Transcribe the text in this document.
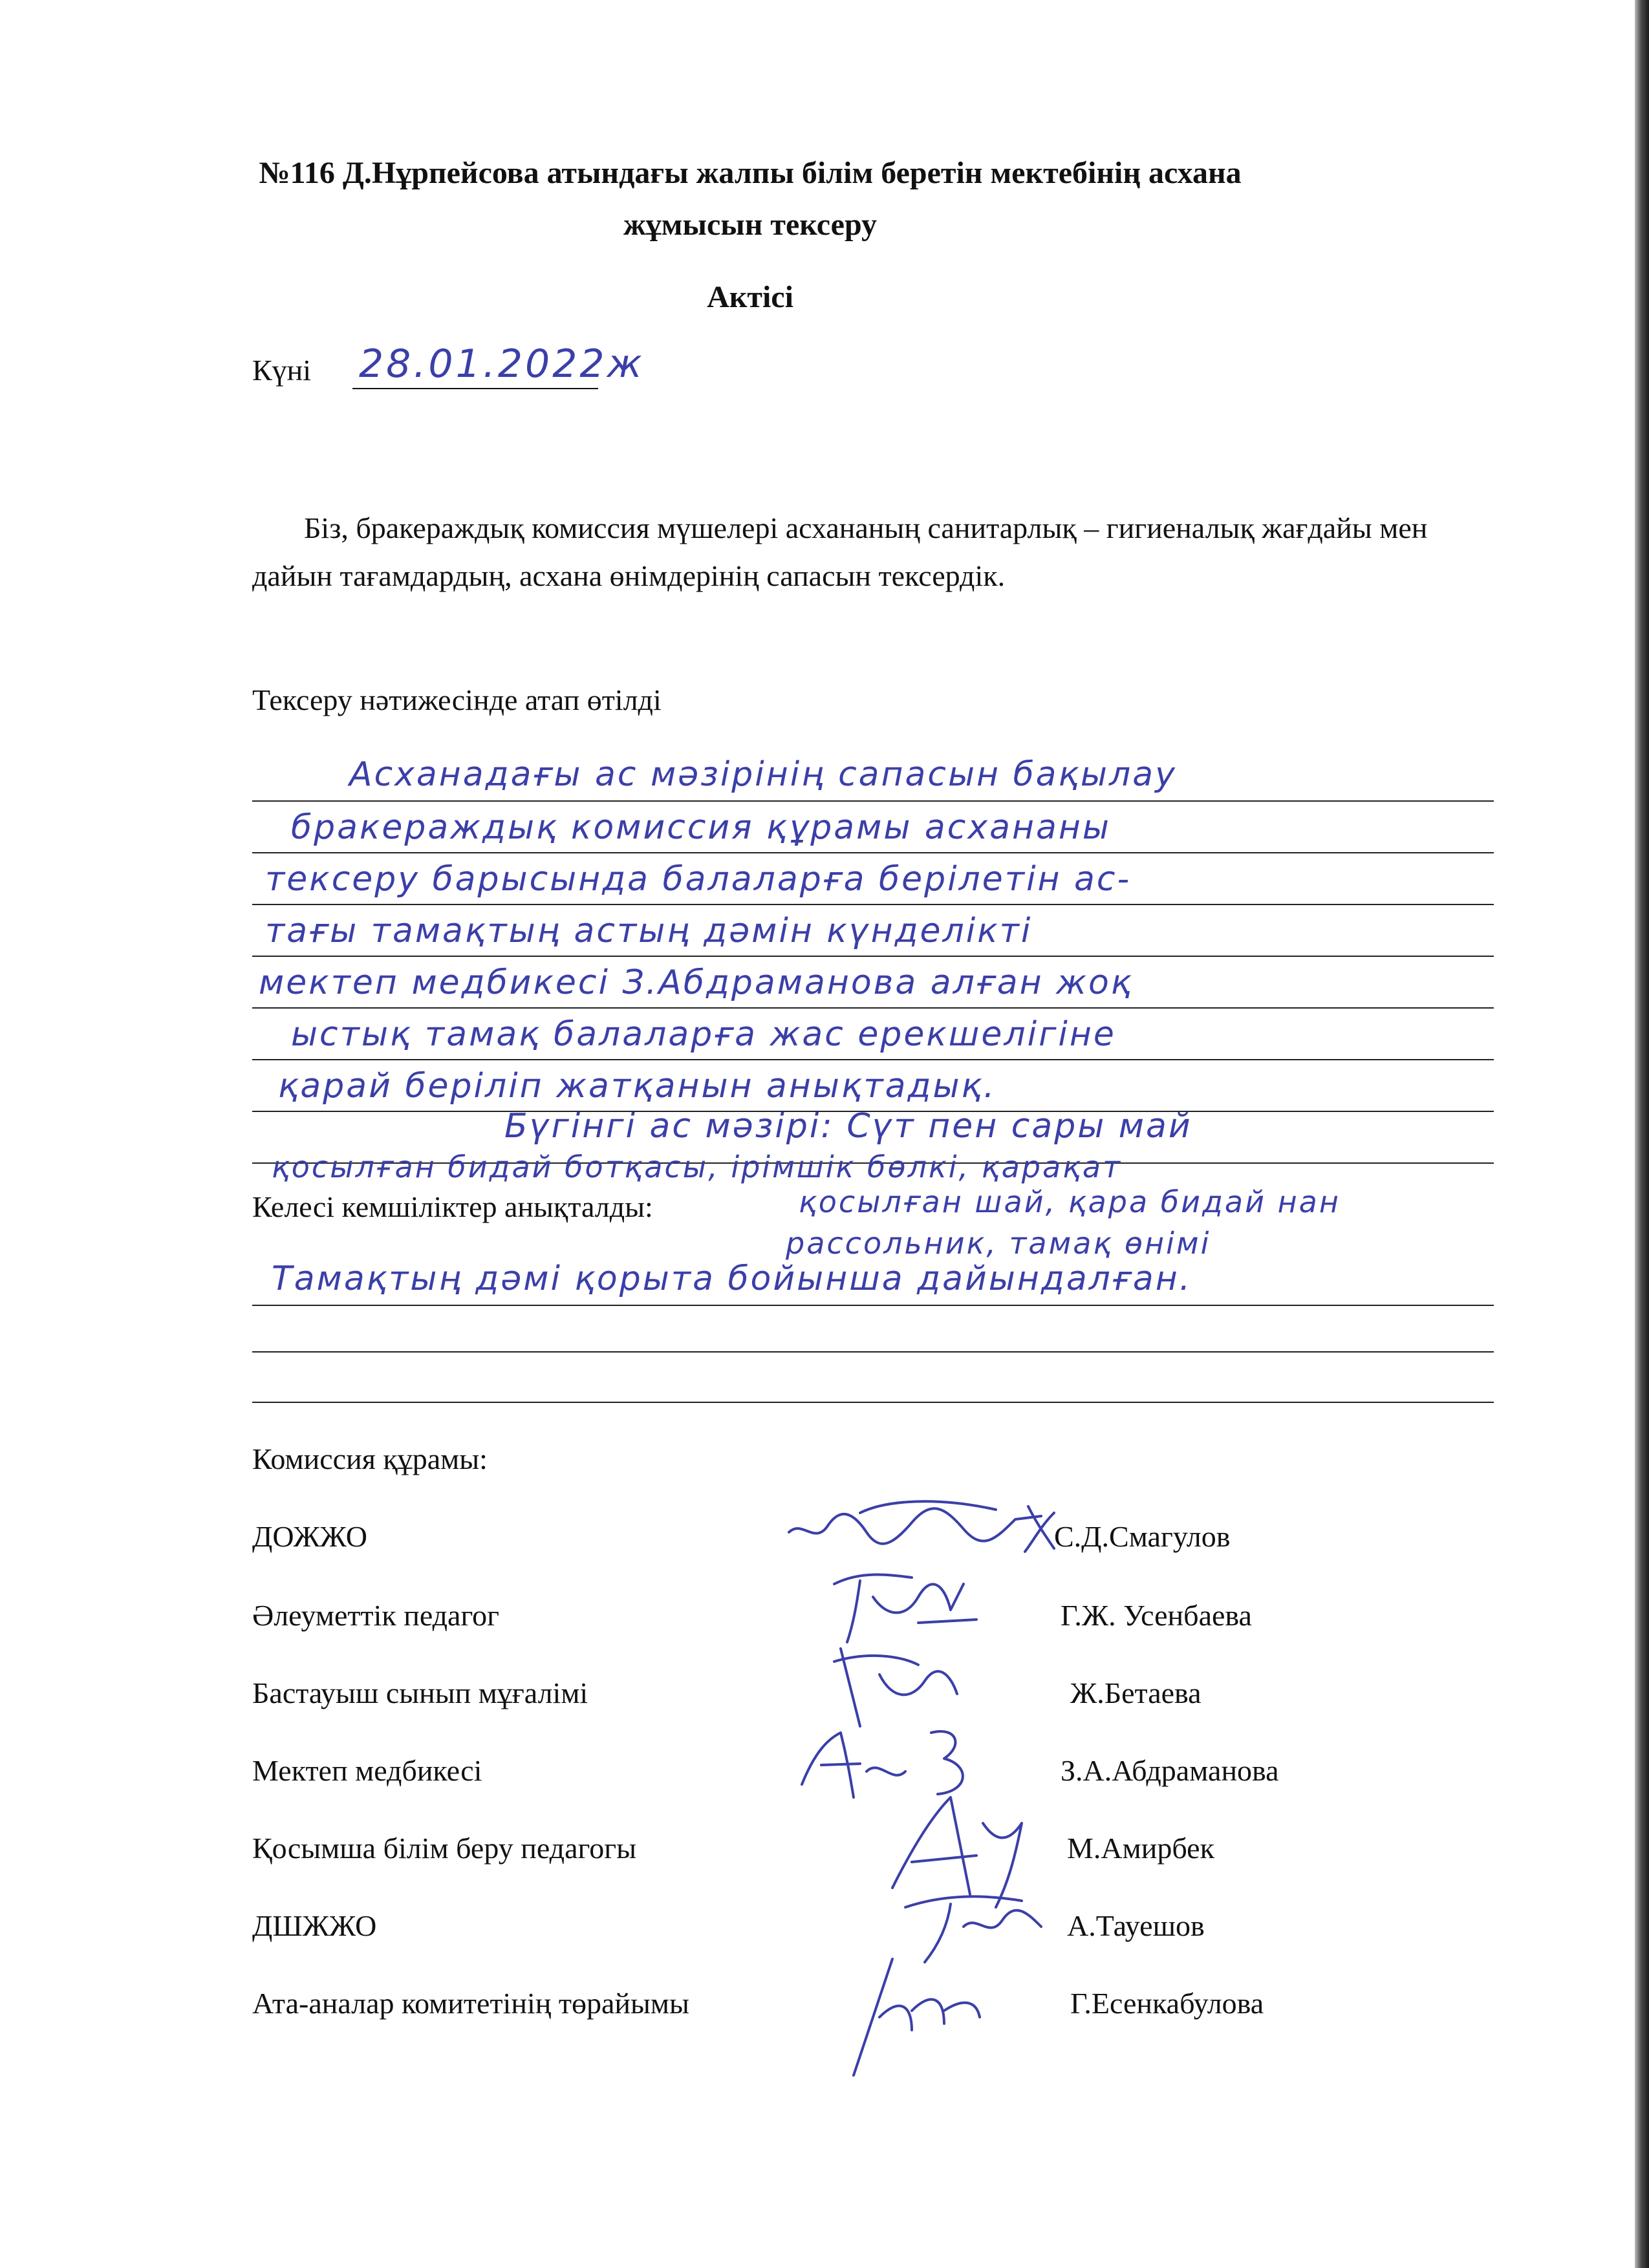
№116 Д.Нұрпейсова атындағы жалпы білім беретін мектебінің асхана
жұмысын тексеру
Актісі
Күні 28.01.2022ж
Біз, бракераждық комиссия мүшелері асхананың санитарлық – гигиеналық жағдайы мен дайын тағамдардың, асхана өнімдерінің сапасын тексердік.
Тексеру нәтижесінде атап өтілді
Асханадағы ас мәзірінің сапасын бақылау
бракераждық комиссия құрамы асхананы
тексеру барысында балаларға берілетін ас-
тағы тамақтың астың дәмін күнделікті
мектеп медбикесі З.Абдраманова алған жоқ
ыстық тамақ балаларға жас ерекшелігіне
қарай беріліп жатқанын анықтадық.
Бүгінгі ас мәзірі: Сүт пен сары май
қосылған бидай ботқасы, ірімшік бөлкі, қарақат
Келесі кемшіліктер анықталды:	қосылған шай, қара бидай нан
рассольник, тамақ өнімі
Тамақтың дәмі қорыта бойынша дайындалған.
Комиссия құрамы:
ДОЖЖО	С.Д.Смагулов
Әлеуметтік педагог	Г.Ж. Усенбаева
Бастауыш сынып мұғалімі	Ж.Бетаева
Мектеп медбикесі	З.А.Абдраманова
Қосымша білім беру педагогы	М.Амирбек
ДШЖЖО	А.Тауешов
Ата-аналар комитетінің төрайымы	Г.Есенкабулова
